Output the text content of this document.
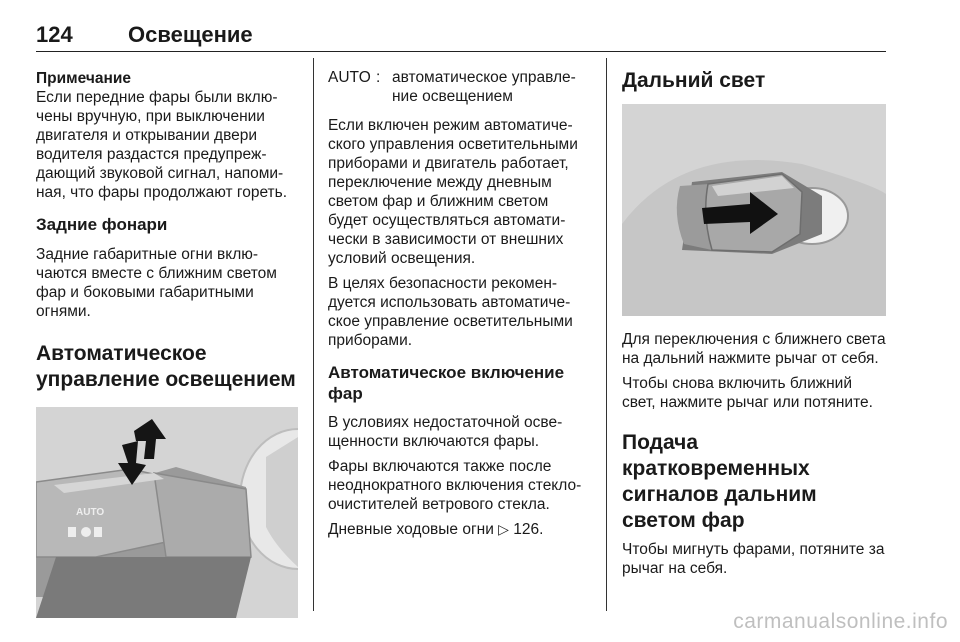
124	Освещение

Примечание

Если передние фары были вклю-чены вручную, при выключении двигателя и открывании двери водителя раздастся предупреж-дающий звуковой сигнал, напоми-ная, что фары продолжают гореть.

Задние фонари

Задние габаритные огни вклю-чаются вместе с ближним светом фар и боковыми габаритными огнями.

Автоматическое управление освещением
AUTO
AUTO : автоматическое управле-ние освещением

Если включен режим автоматиче-ского управления осветительными приборами и двигатель работает, переключение между дневным светом фар и ближним светом будет осуществляться автомати-чески в зависимости от внешних условий освещения.

В целях безопасности рекомен-дуется использовать автоматиче-ское управление осветительными приборами.

Автоматическое включение фар

В условиях недостаточной осве-щенности включаются фары.

Фары включаются также после неоднократного включения стекло-очистителей ветрового стекла.

Дневные ходовые огни ▷ 126.

Дальний свет

Для переключения с ближнего света на дальний нажмите рычаг от себя.

Чтобы снова включить ближний свет, нажмите рычаг или потяните.

Подача кратковременных сигналов дальним светом фар

Чтобы мигнуть фарами, потяните за рычаг на себя.

carmanualsonline.info
